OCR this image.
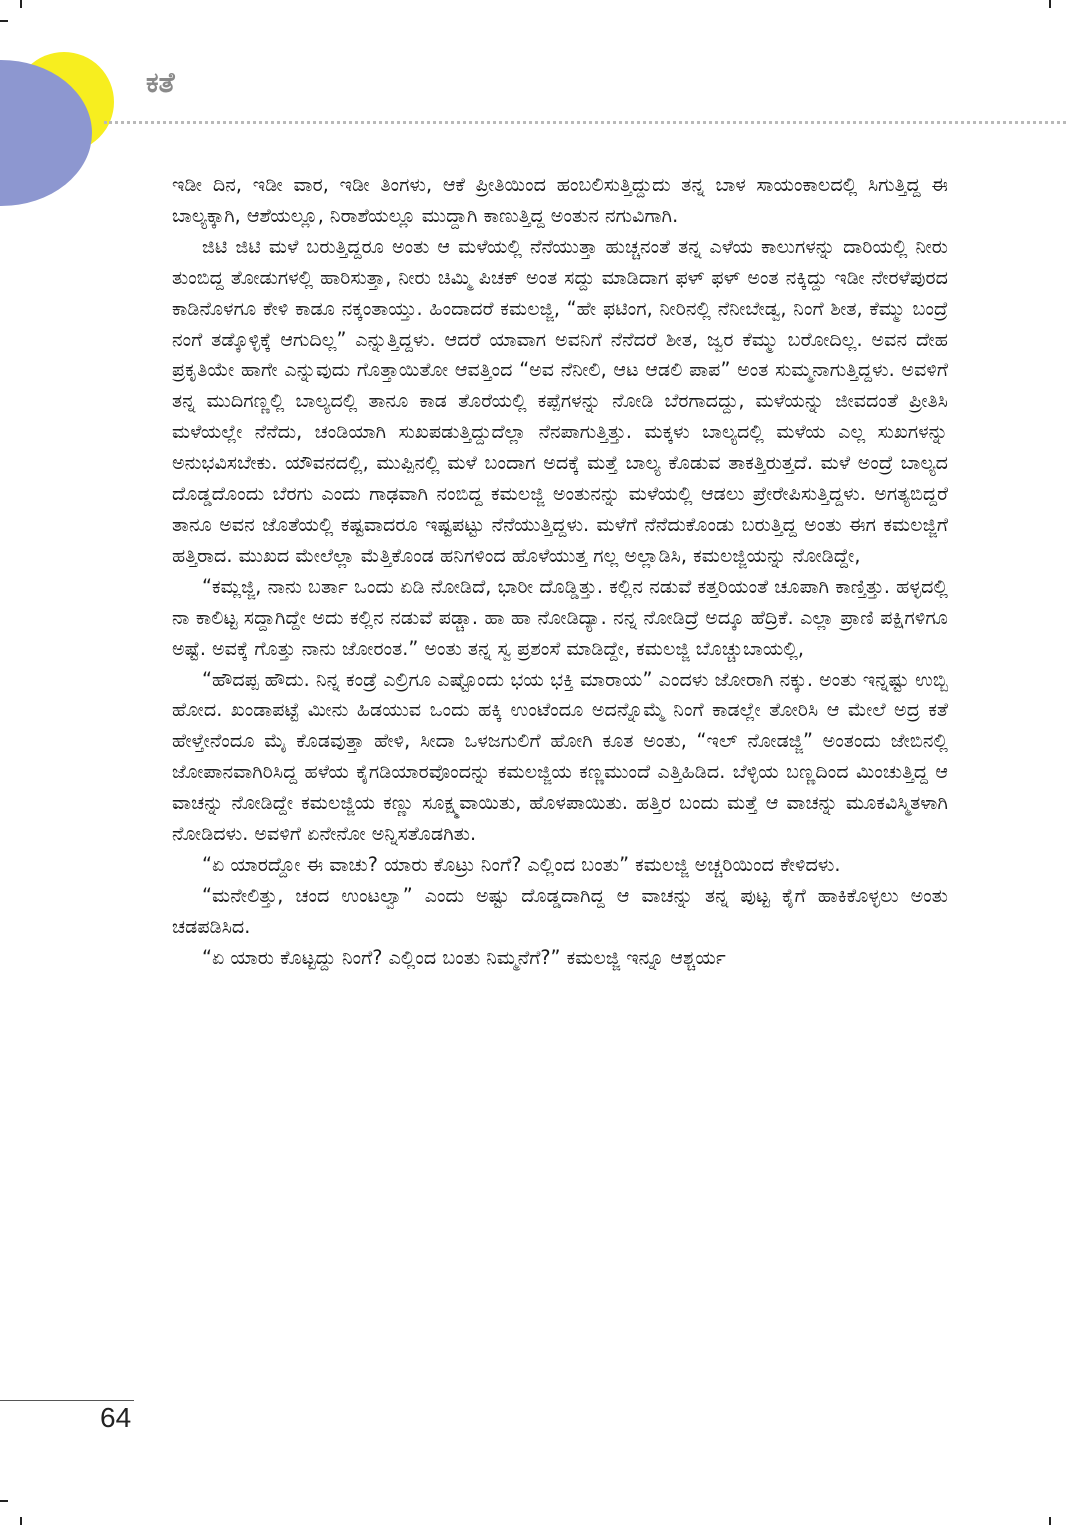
ಕತೆ

ಇಡೀ ದಿನ, ಇಡೀ ವಾರ, ಇಡೀ ತಿಂಗಳು, ಆಕೆ ಪ್ರೀತಿಯಿಂದ ಹಂಬಲಿಸುತ್ತಿದ್ದುದು ತನ್ನ ಬಾಳ ಸಾಯಂಕಾಲದಲ್ಲಿ ಸಿಗುತ್ತಿದ್ದ ಈ ಬಾಲ್ಯಕ್ಕಾಗಿ, ಆಶೆಯಲ್ಲೂ, ನಿರಾಶೆಯಲ್ಲೂ ಮುದ್ದಾಗಿ ಕಾಣುತ್ತಿದ್ದ ಅಂತುನ ನಗುವಿಗಾಗಿ.

ಜಿಟಿ ಜಿಟಿ ಮಳೆ ಬರುತ್ತಿದ್ದರೂ ಅಂತು ಆ ಮಳೆಯಲ್ಲಿ ನೆನೆಯುತ್ತಾ ಹುಚ್ಚನಂತೆ ತನ್ನ ಎಳೆಯ ಕಾಲುಗಳನ್ನು ದಾರಿಯಲ್ಲಿ ನೀರು ತುಂಬಿದ್ದ ತೋಡುಗಳಲ್ಲಿ ಹಾರಿಸುತ್ತಾ, ನೀರು ಚಿಮ್ಮಿ ಪಿಚಕ್ ಅಂತ ಸದ್ದು ಮಾಡಿದಾಗ ಫಳ್ ಫಳ್ ಅಂತ ನಕ್ಕಿದ್ದು ಇಡೀ ನೇರಳೆಪುರದ ಕಾಡಿನೊಳಗೂ ಕೇಳಿ ಕಾಡೂ ನಕ್ಕಂತಾಯ್ತು. ಹಿಂದಾದರೆ ಕಮಲಜ್ಜಿ, “ಹೇ ಫಟಿಂಗ, ನೀರಿನಲ್ಲಿ ನೆನೀಬೇಡ್ವ, ನಿಂಗೆ ಶೀತ, ಕೆಮ್ಮು ಬಂದ್ರೆ ನಂಗೆ ತಡ್ಕೊಳ್ಳಿಕ್ಕೆ ಆಗುದಿಲ್ಲ” ಎನ್ನುತ್ತಿದ್ದಳು. ಆದರೆ ಯಾವಾಗ ಅವನಿಗೆ ನೆನೆದರೆ ಶೀತ, ಜ್ವರ ಕೆಮ್ಮು ಬರೋದಿಲ್ಲ. ಅವನ ದೇಹ ಪ್ರಕೃತಿಯೇ ಹಾಗೇ ಎನ್ನುವುದು ಗೊತ್ತಾಯಿತೋ ಆವತ್ತಿಂದ “ಅವ ನೆನೀಲಿ, ಆಟ ಆಡಲಿ ಪಾಪ” ಅಂತ ಸುಮ್ಮನಾಗುತ್ತಿದ್ದಳು. ಅವಳಿಗೆ ತನ್ನ ಮುದಿಗಣ್ಣಲ್ಲಿ ಬಾಲ್ಯದಲ್ಲಿ ತಾನೂ ಕಾಡ ತೊರೆಯಲ್ಲಿ ಕಪ್ಪೆಗಳನ್ನು ನೋಡಿ ಬೆರಗಾದದ್ದು, ಮಳೆಯನ್ನು ಜೀವದಂತೆ ಪ್ರೀತಿಸಿ ಮಳೆಯಲ್ಲೇ ನೆನೆದು, ಚಂಡಿಯಾಗಿ ಸುಖಪಡುತ್ತಿದ್ದುದೆಲ್ಲಾ ನೆನಪಾಗುತ್ತಿತ್ತು. ಮಕ್ಕಳು ಬಾಲ್ಯದಲ್ಲಿ ಮಳೆಯ ಎಲ್ಲ ಸುಖಗಳನ್ನು ಅನುಭವಿಸಬೇಕು. ಯೌವನದಲ್ಲಿ, ಮುಪ್ಪಿನಲ್ಲಿ ಮಳೆ ಬಂದಾಗ ಅದಕ್ಕೆ ಮತ್ತೆ ಬಾಲ್ಯ ಕೊಡುವ ತಾಕತ್ತಿರುತ್ತದೆ. ಮಳೆ ಅಂದ್ರೆ ಬಾಲ್ಯದ ದೊಡ್ಡದೊಂದು ಬೆರಗು ಎಂದು ಗಾಢವಾಗಿ ನಂಬಿದ್ದ ಕಮಲಜ್ಜಿ ಅಂತುನನ್ನು ಮಳೆಯಲ್ಲಿ ಆಡಲು ಪ್ರೇರೇಪಿಸುತ್ತಿದ್ದಳು. ಅಗತ್ಯಬಿದ್ದರೆ ತಾನೂ ಅವನ ಜೊತೆಯಲ್ಲಿ ಕಷ್ಟವಾದರೂ ಇಷ್ಟಪಟ್ಟು ನೆನೆಯುತ್ತಿದ್ದಳು. ಮಳೆಗೆ ನೆನೆದುಕೊಂಡು ಬರುತ್ತಿದ್ದ ಅಂತು ಈಗ ಕಮಲಜ್ಜಿಗೆ ಹತ್ತಿರಾದ. ಮುಖದ ಮೇಲೆಲ್ಲಾ ಮೆತ್ತಿಕೊಂಡ ಹನಿಗಳಿಂದ ಹೊಳೆಯುತ್ತ ಗಲ್ಲ ಅಲ್ಲಾಡಿಸಿ, ಕಮಲಜ್ಜಿಯನ್ನು ನೋಡಿದ್ದೇ,

“ಕಮ್ಲಜ್ಜಿ, ನಾನು ಬರ್ತಾ ಒಂದು ಏಡಿ ನೋಡಿದೆ, ಭಾರೀ ದೊಡ್ಡಿತ್ತು. ಕಲ್ಲಿನ ನಡುವೆ ಕತ್ತರಿಯಂತೆ ಚೂಪಾಗಿ ಕಾಣ್ತಿತ್ತು. ಹಳ್ಳದಲ್ಲಿ ನಾ ಕಾಲಿಟ್ಟ ಸದ್ದಾಗಿದ್ದೇ ಅದು ಕಲ್ಲಿನ ನಡುವೆ ಪಡ್ಚಾ. ಹಾ ಹಾ ನೋಡಿದ್ಯಾ. ನನ್ನ ನೋಡಿದ್ರೆ ಅದ್ಕೂ ಹೆದ್ರಿಕೆ. ಎಲ್ಲಾ ಪ್ರಾಣಿ ಪಕ್ಷಿಗಳಿಗೂ ಅಷ್ಟೆ. ಅವಕ್ಕೆ ಗೊತ್ತು ನಾನು ಜೋರಂತ.” ಅಂತು ತನ್ನ ಸ್ವ ಪ್ರಶಂಸೆ ಮಾಡಿದ್ದೇ, ಕಮಲಜ್ಜಿ ಬೊಚ್ಚುಬಾಯಲ್ಲಿ,

“ಹೌದಪ್ಪ ಹೌದು. ನಿನ್ನ ಕಂಡ್ರೆ ಎಲ್ರಿಗೂ ಎಷ್ಟೊಂದು ಭಯ ಭಕ್ತಿ ಮಾರಾಯ” ಎಂದಳು ಜೋರಾಗಿ ನಕ್ಕು. ಅಂತು ಇನ್ನಷ್ಟು ಉಬ್ಬಿ ಹೋದ. ಖಂಡಾಪಟ್ಟೆ ಮೀನು ಹಿಡಯುವ ಒಂದು ಹಕ್ಕಿ ಉಂಟೆಂದೂ ಅದನ್ನೊಮ್ಮೆ ನಿಂಗೆ ಕಾಡಲ್ಲೇ ತೋರಿಸಿ ಆ ಮೇಲೆ ಅದ್ರ ಕತೆ ಹೇಳ್ತೇನೆಂದೂ ಮೈ ಕೊಡವುತ್ತಾ ಹೇಳಿ, ಸೀದಾ ಒಳಜಗುಲಿಗೆ ಹೋಗಿ ಕೂತ ಅಂತು, “ಇಲ್ ನೋಡಜ್ಜಿ” ಅಂತಂದು ಜೇಬಿನಲ್ಲಿ ಜೋಪಾನವಾಗಿರಿಸಿದ್ದ ಹಳೆಯ ಕೈಗಡಿಯಾರವೊಂದನ್ನು ಕಮಲಜ್ಜಿಯ ಕಣ್ಣಮುಂದೆ ಎತ್ತಿಹಿಡಿದ. ಬೆಳ್ಳಿಯ ಬಣ್ಣದಿಂದ ಮಿಂಚುತ್ತಿದ್ದ ಆ ವಾಚನ್ನು ನೋಡಿದ್ದೇ ಕಮಲಜ್ಜಿಯ ಕಣ್ಣು ಸೂಕ್ಷ್ಮವಾಯಿತು, ಹೊಳಪಾಯಿತು. ಹತ್ತಿರ ಬಂದು ಮತ್ತೆ ಆ ವಾಚನ್ನು ಮೂಕವಿಸ್ಮಿತಳಾಗಿ ನೋಡಿದಳು. ಅವಳಿಗೆ ಏನೇನೋ ಅನ್ನಿಸತೊಡಗಿತು.

“ಏ ಯಾರದ್ದೋ ಈ ವಾಚು? ಯಾರು ಕೊಟ್ರು ನಿಂಗೆ? ಎಲ್ಲಿಂದ ಬಂತು” ಕಮಲಜ್ಜಿ ಅಚ್ಚರಿಯಿಂದ ಕೇಳಿದಳು.

“ಮನೇಲಿತ್ತು, ಚಂದ ಉಂಟಲ್ವಾ” ಎಂದು ಅಷ್ಟು ದೊಡ್ಡದಾಗಿದ್ದ ಆ ವಾಚನ್ನು ತನ್ನ ಪುಟ್ಟ ಕೈಗೆ ಹಾಕಿಕೊಳ್ಳಲು ಅಂತು ಚಡಪಡಿಸಿದ.

“ಏ ಯಾರು ಕೊಟ್ಟದ್ದು ನಿಂಗೆ? ಎಲ್ಲಿಂದ ಬಂತು ನಿಮ್ಮನೆಗೆ?” ಕಮಲಜ್ಜಿ ಇನ್ನೂ ಆಶ್ಚರ್ಯ

64
